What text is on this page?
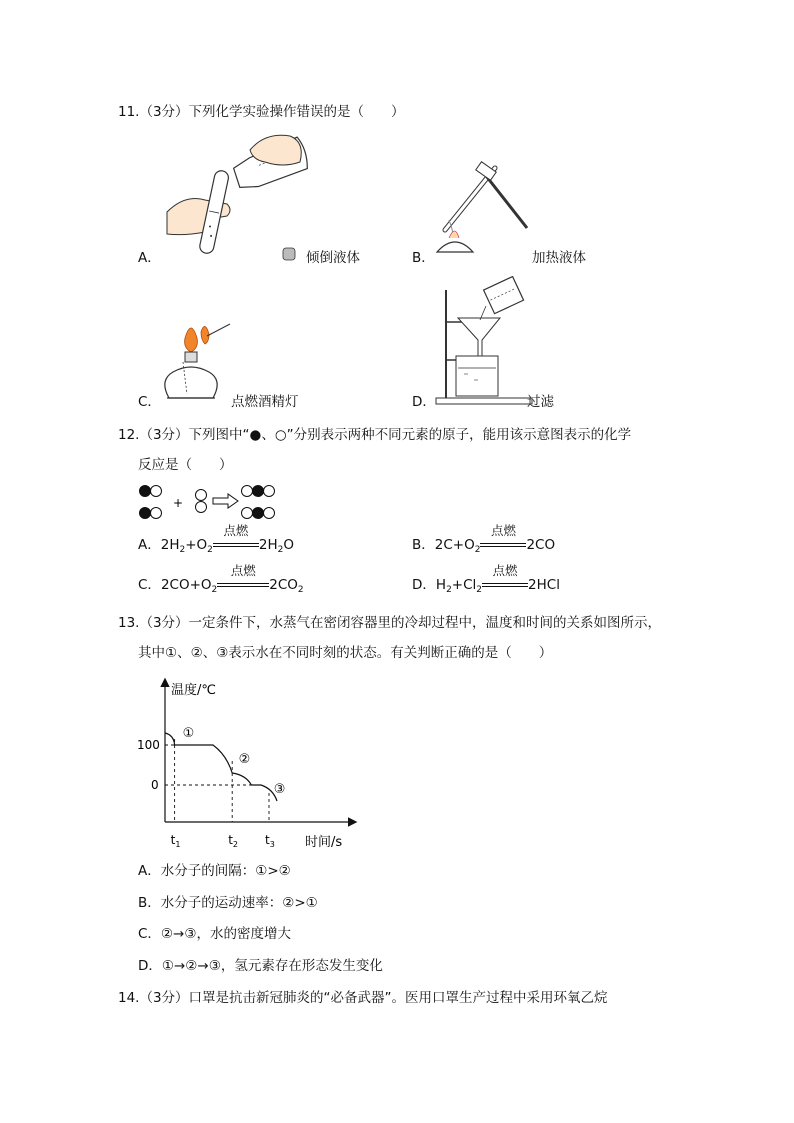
11.（3分）下列化学实验操作错误的是（　　）
A．	倾倒液体	B．	加热液体
C．	点燃酒精灯	D．	过滤
12.（3分）下列图中“●、○”分别表示两种不同元素的原子，能用该示意图表示的化学
反应是（　　）
+
A．$2H_2+O_2$
点燃
$2H_2O$	B．$2C+O_2$
点燃
2CO
C．$2CO+O_2$
点燃
$2CO_2$	D．$H_2+Cl_2$
点燃
2HCl
13.（3分）一定条件下，水蒸气在密闭容器里的冷却过程中，温度和时间的关系如图所示，
其中①、②、③表示水在不同时刻的状态。有关判断正确的是（　　）
温度/℃
时间/s
100
0
$t_1$	$t_2$ $t_3$
①
②
③
A．水分子的间隔：①>②
B．水分子的运动速率：②>①
C．②→③，水的密度增大
D．①→②→③，氢元素存在形态发生变化
14.（3分）口罩是抗击新冠肺炎的“必备武器”。医用口罩生产过程中采用环氧乙烷
